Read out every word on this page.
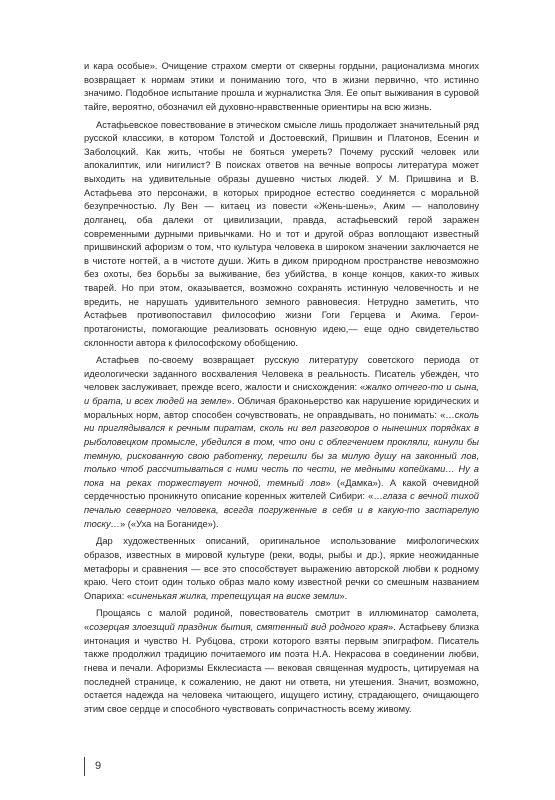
и кара особые». Очищение страхом смерти от скверны гордыни, рационализма многих возвращает к нормам этики и пониманию того, что в жизни первично, что истинно значимо. Подобное испытание прошла и журналистка Эля. Ее опыт выживания в суровой тайге, вероятно, обозначил ей духовно-нравственные ориентиры на всю жизнь.

Астафьевское повествование в этическом смысле лишь продолжает значительный ряд русской классики, в котором Толстой и Достоевский, Пришвин и Платонов, Есенин и Заболоцкий. Как жить, чтобы не бояться умереть? Почему русский человек или апокалиптик, или нигилист? В поисках ответов на вечные вопросы литература может выходить на удивительные образы душевно чистых людей. У М. Пришвина и В. Астафьева это персонажи, в которых природное естество соединяется с моральной безупречностью. Лу Вен — китаец из повести «Жень-шень», Аким — наполовину долганец, оба далеки от цивилизации, правда, астафьевский герой заражен современными дурными привычками. Но и тот и другой образ воплощают известный пришвинский афоризм о том, что культура человека в широком значении заключается не в чистоте ногтей, а в чистоте души. Жить в диком природном пространстве невозможно без охоты, без борьбы за выживание, без убийства, в конце концов, каких-то живых тварей. Но при этом, оказывается, возможно сохранять истинную человечность и не вредить, не нарушать удивительного земного равновесия. Нетрудно заметить, что Астафьев противопоставил философию жизни Гоги Герцева и Акима. Герои-протагонисты, помогающие реализовать основную идею,— еще одно свидетельство склонности автора к философскому обобщению.

Астафьев по-своему возвращает русскую литературу советского периода от идеологически заданного восхваления Человека в реальность. Писатель убежден, что человек заслуживает, прежде всего, жалости и снисхождения: «жалко отчего-то и сына, и брата, и всех людей на земле». Обличая браконьерство как нарушение юридических и моральных норм, автор способен сочувствовать, не оправдывать, но понимать: «…сколь ни приглядывался к речным пиратам, сколь ни вел разговоров о нынешних порядках в рыболовецком промысле, убедился в том, что они с облегчением прокляли, кинули бы темную, рискованную свою работенку, перешли бы за милую душу на законный лов, только чтоб рассчитываться с ними честь по чести, не медными копейками… Ну а пока на реках торжествует ночной, темный лов» («Дамка»). А какой очевидной сердечностью проникнуто описание коренных жителей Сибири: «…глаза с вечной тихой печалью северного человека, всегда погруженные в себя и в какую-то застарелую тоску…» («Уха на Боганиде»).

Дар художественных описаний, оригинальное использование мифологических образов, известных в мировой культуре (реки, воды, рыбы и др.), яркие неожиданные метафоры и сравнения — все это способствует выражению авторской любви к родному краю. Чего стоит один только образ мало кому известной речки со смешным названием Опариха: «синенькая жилка, трепещущая на виске земли».

Прощаясь с малой родиной, повествователь смотрит в иллюминатор самолета, «созерцая злоезщий праздник бытия, смятенный вид родного края». Астафьеву близка интонация и чувство Н. Рубцова, строки которого взяты первым эпиграфом. Писатель также продолжил традицию почитаемого им поэта Н.А. Некрасова в соединении любви, гнева и печали. Афоризмы Екклесиаста — вековая священная мудрость, цитируемая на последней странице, к сожалению, не дают ни ответа, ни утешения. Значит, возможно, остается надежда на человека читающего, ищущего истину, страдающего, очищающего этим свое сердце и способного чувствовать сопричастность всему живому.

9
